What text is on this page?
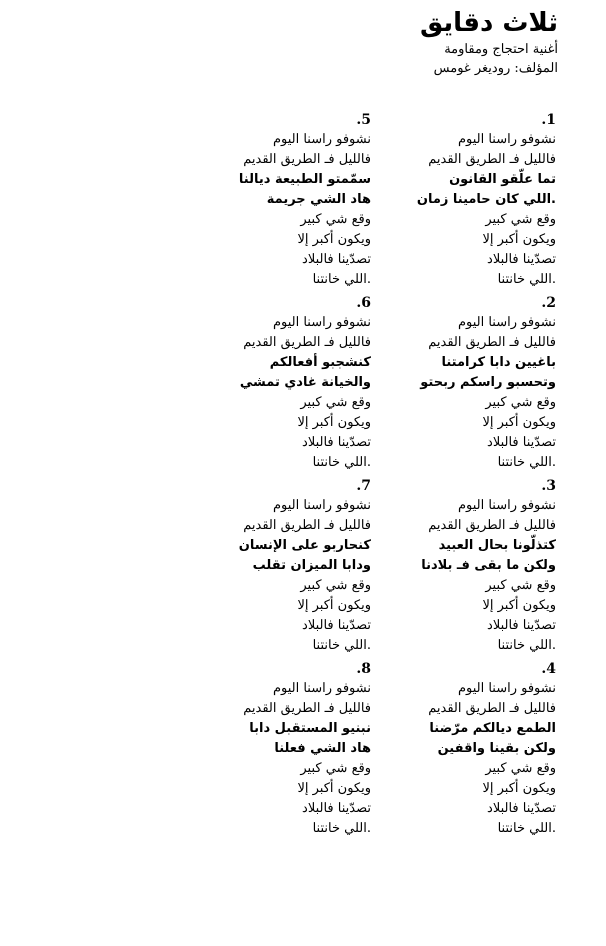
ثلاث دقايق
أغنية احتجاج ومقاومة
المؤلف: روديغر غومس
1.
نشوفو راسنا اليوم
فالليل فـ الطريق القديم
تما علّقو القانون
.اللي كان حامينا زمان
وقع شي كبير
ويكون أكبر إلا
تصدّينا فالبلاد
.اللي خانتنا
2.
نشوفو راسنا اليوم
فالليل فـ الطريق القديم
باغيين دابا كرامتنا
وتحسبو راسكم ربحتو
وقع شي كبير
ويكون أكبر إلا
تصدّينا فالبلاد
.اللي خانتنا
3.
نشوفو راسنا اليوم
فالليل فـ الطريق القديم
كتذلّونا بحال العبيد
ولكن ما بقى فـ بلادنا
وقع شي كبير
ويكون أكبر إلا
تصدّينا فالبلاد
.اللي خانتنا
4.
نشوفو راسنا اليوم
فالليل فـ الطريق القديم
الطمع ديالكم مرّضنا
ولكن بقينا واقفين
وقع شي كبير
ويكون أكبر إلا
تصدّينا فالبلاد
.اللي خانتنا
5.
نشوفو راسنا اليوم
فالليل فـ الطريق القديم
سمّمتو الطبيعة ديالنا
هاد الشي جريمة
وقع شي كبير
ويكون أكبر إلا
تصدّينا فالبلاد
.اللي خانتنا
6.
نشوفو راسنا اليوم
فالليل فـ الطريق القديم
كنشجبو أفعالكم
والخيانة غادي تمشي
وقع شي كبير
ويكون أكبر إلا
تصدّينا فالبلاد
.اللي خانتنا
7.
نشوفو راسنا اليوم
فالليل فـ الطريق القديم
كنحاربو على الإنسان
ودابا الميزان تقلب
وقع شي كبير
ويكون أكبر إلا
تصدّينا فالبلاد
.اللي خانتنا
8.
نشوفو راسنا اليوم
فالليل فـ الطريق القديم
نبنيو المستقبل دابا
هاد الشي فعلنا
وقع شي كبير
ويكون أكبر إلا
تصدّينا فالبلاد
.اللي خانتنا
